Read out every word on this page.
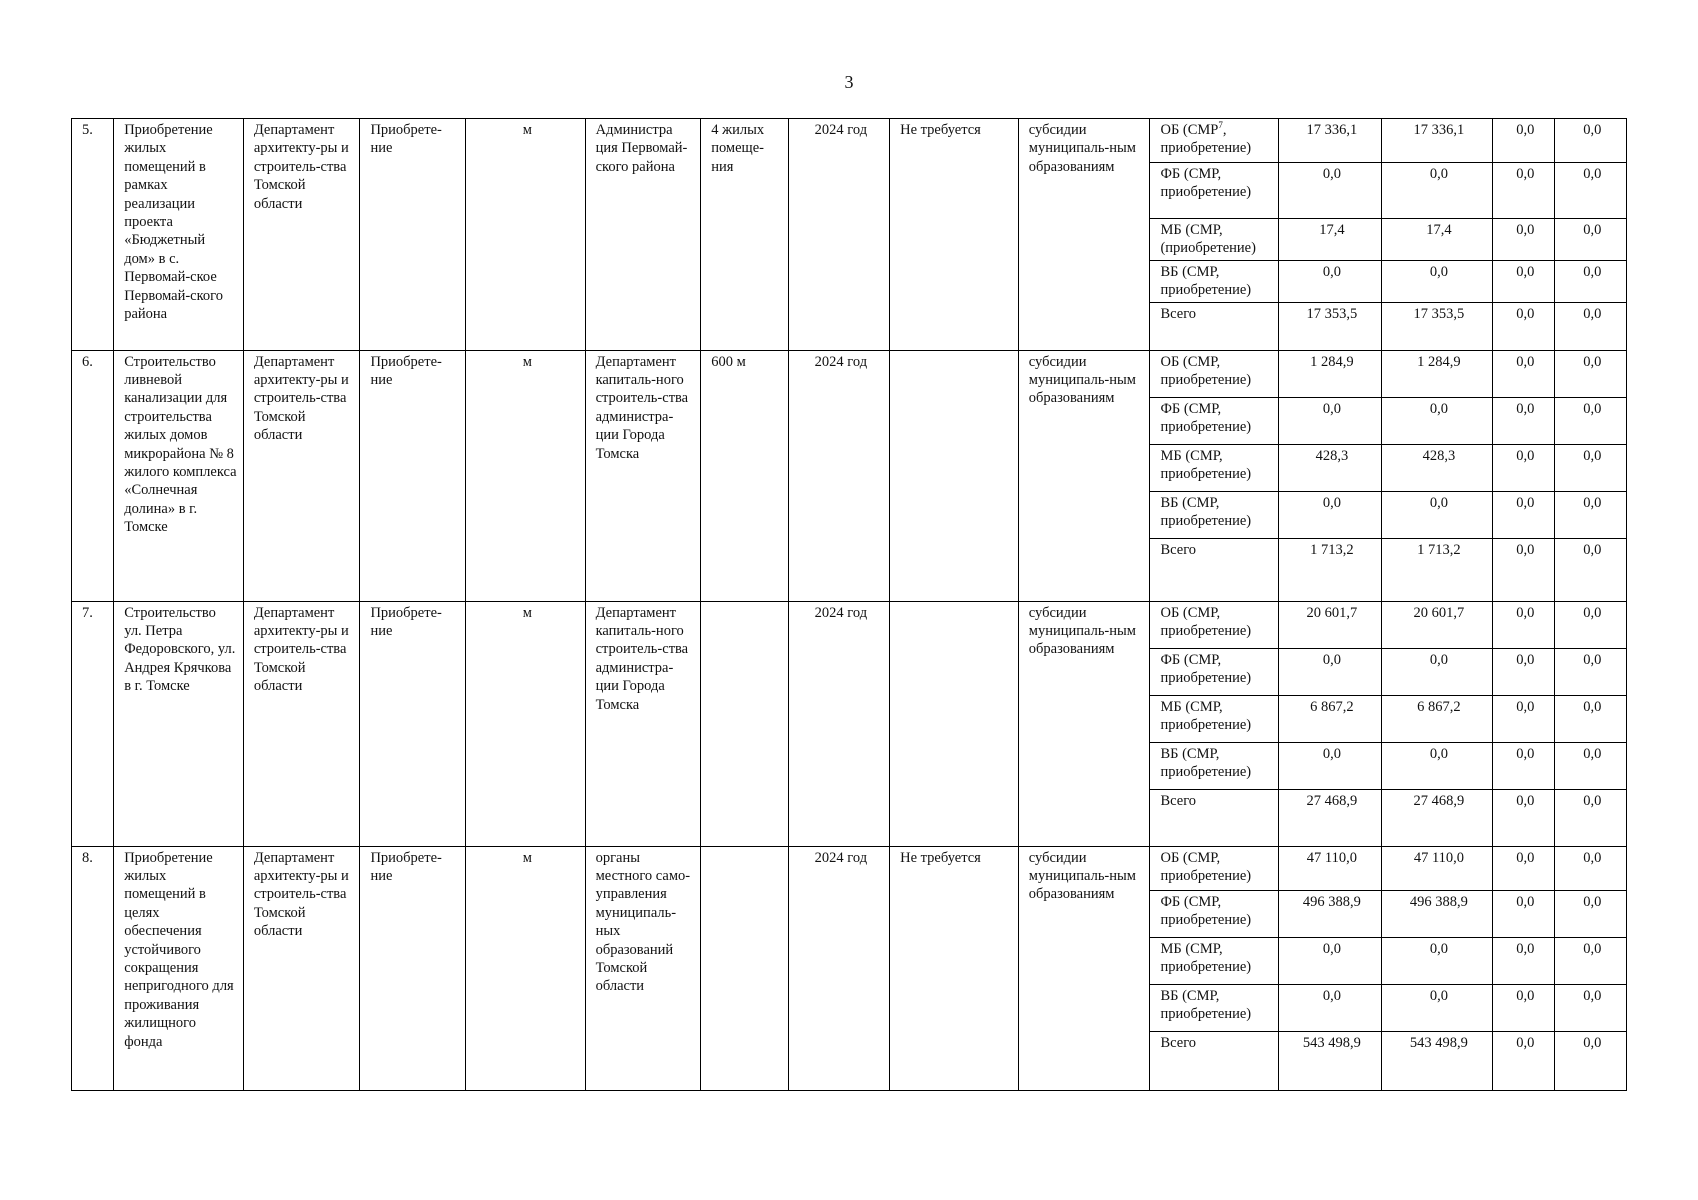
3
5.	Приобретение жилых помещений в рамках реализации проекта «Бюджетный дом» в с. Первомай-ское Первомай-ского района	Департамент архитекту-ры и строитель-ства Томской области	Приобрете-ние	м	Администра ция Первомай-ского района	4 жилых помеще-ния	2024 год	Не требуется	субсидии муниципаль-ным образованиям	ОБ (СМР$^7$, приобретение)	17 336,1	17 336,1	0,0	0,0
										ФБ (СМР, приобретение)	0,0	0,0	0,0	0,0
										МБ (СМР, (приобретение)	17,4	17,4	0,0	0,0
										ВБ (СМР, приобретение)	0,0	0,0	0,0	0,0
										Всего	17 353,5	17 353,5	0,0	0,0
6.	Строительство ливневой канализации для строительства жилых домов микрорайона № 8 жилого комплекса «Солнечная долина» в г. Томске	Департамент архитекту-ры и строитель-ства Томской области	Приобрете-ние	м	Департамент капиталь-ного строитель-ства администра-ции Города Томска	600 м	2024 год		субсидии муниципаль-ным образованиям	ОБ (СМР, приобретение)	1 284,9	1 284,9	0,0	0,0
										ФБ (СМР, приобретение)	0,0	0,0	0,0	0,0
										МБ (СМР, приобретение)	428,3	428,3	0,0	0,0
										ВБ (СМР, приобретение)	0,0	0,0	0,0	0,0
										Всего	1 713,2	1 713,2	0,0	0,0
7.	Строительство ул. Петра Федоровского, ул. Андрея Крячкова в г. Томске	Департамент архитекту-ры и строитель-ства Томской области	Приобрете-ние	м	Департамент капиталь-ного строитель-ства администра-ции Города Томска		2024 год		субсидии муниципаль-ным образованиям	ОБ (СМР, приобретение)	20 601,7	20 601,7	0,0	0,0
										ФБ (СМР, приобретение)	0,0	0,0	0,0	0,0
										МБ (СМР, приобретение)	6 867,2	6 867,2	0,0	0,0
										ВБ (СМР, приобретение)	0,0	0,0	0,0	0,0
										Всего	27 468,9	27 468,9	0,0	0,0
8.	Приобретение жилых помещений в целях обеспечения устойчивого сокращения непригодного для проживания жилищного фонда	Департамент архитекту-ры и строитель-ства Томской области	Приобрете-ние	м	органы местного само-управления муниципаль-ных образований Томской области		2024 год	Не требуется	субсидии муниципаль-ным образованиям	ОБ (СМР, приобретение)	47 110,0	47 110,0	0,0	0,0
										ФБ (СМР, приобретение)	496 388,9	496 388,9	0,0	0,0
										МБ (СМР, приобретение)	0,0	0,0	0,0	0,0
										ВБ (СМР, приобретение)	0,0	0,0	0,0	0,0
										Всего	543 498,9	543 498,9	0,0	0,0
